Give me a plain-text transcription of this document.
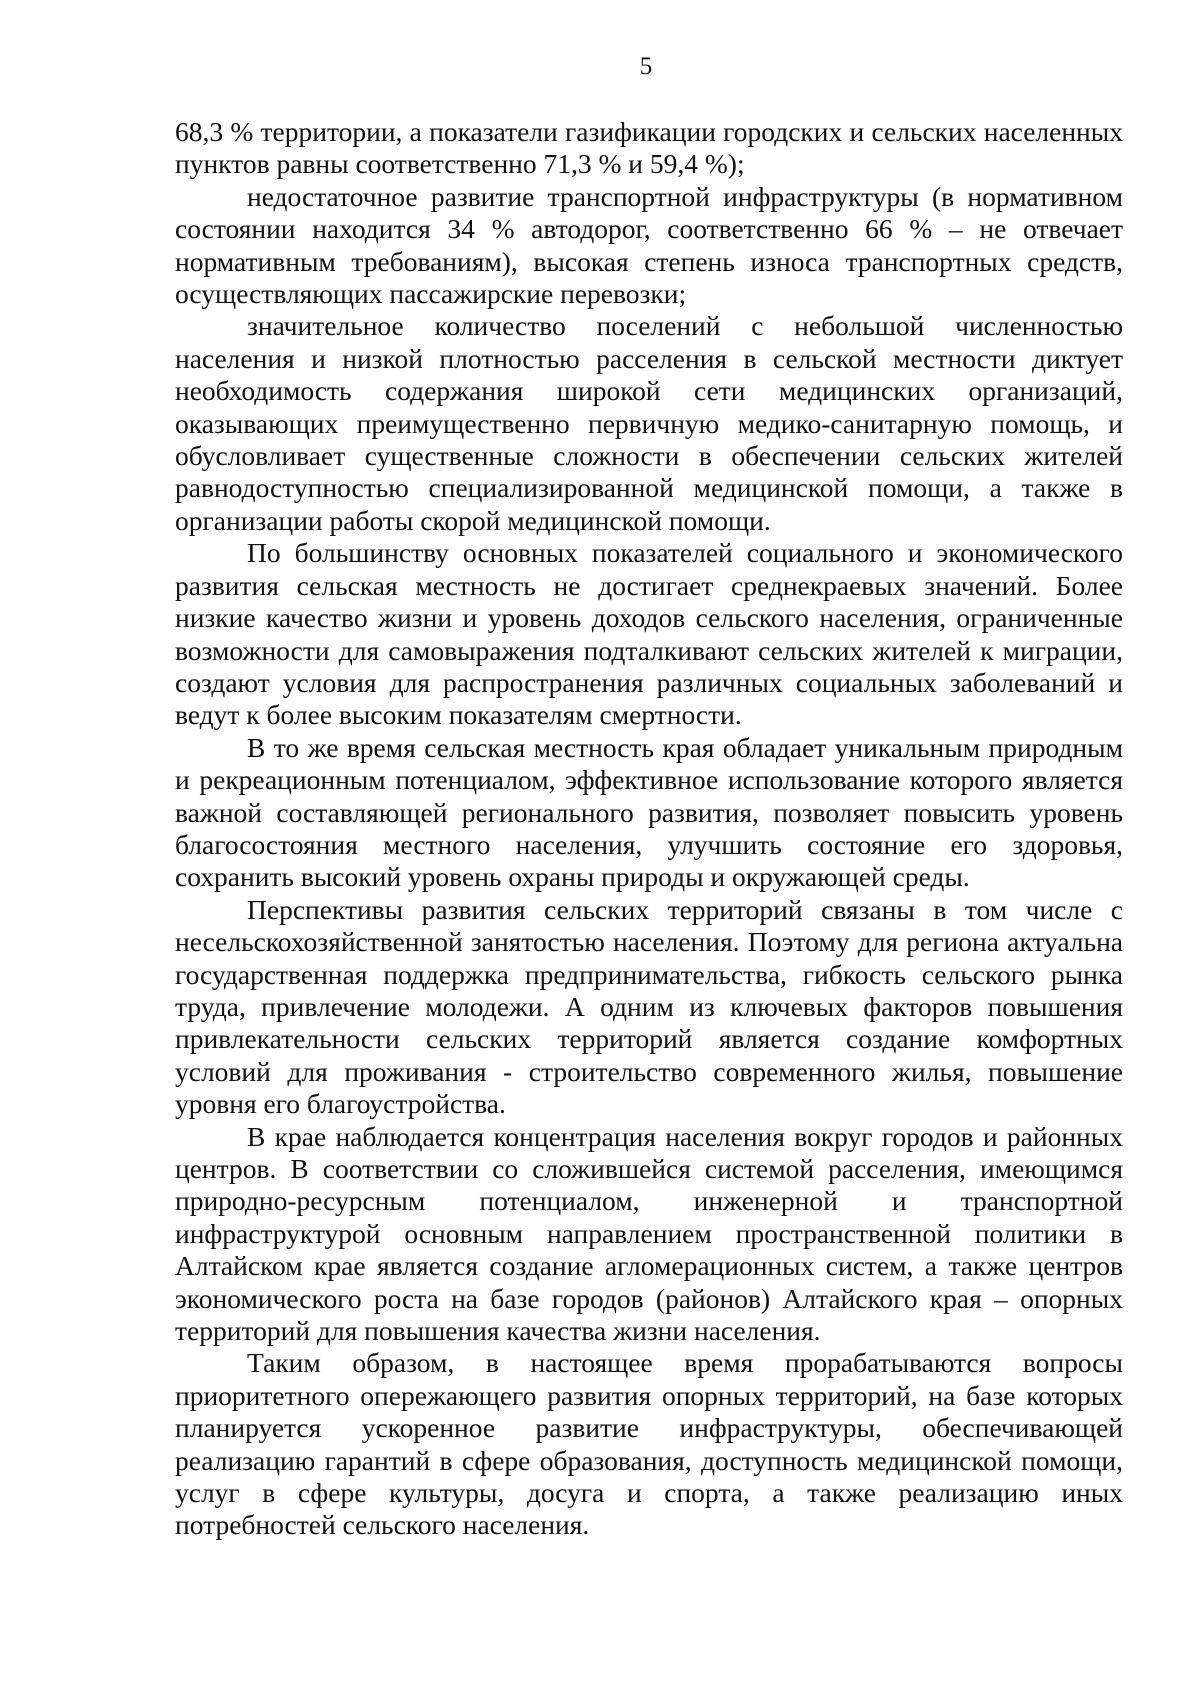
5

68,3 % территории, а показатели газификации городских и сельских населенных пунктов равны соответственно 71,3 % и 59,4 %);

недостаточное развитие транспортной инфраструктуры (в нормативном состоянии находится 34 % автодорог, соответственно 66 % – не отвечает нормативным требованиям), высокая степень износа транспортных средств, осуществляющих пассажирские перевозки;

значительное количество поселений с небольшой численностью населения и низкой плотностью расселения в сельской местности диктует необходимость содержания широкой сети медицинских организаций, оказывающих преимущественно первичную медико-санитарную помощь, и обусловливает существенные сложности в обеспечении сельских жителей равнодоступностью специализированной медицинской помощи, а также в организации работы скорой медицинской помощи.

По большинству основных показателей социального и экономического развития сельская местность не достигает среднекраевых значений. Более низкие качество жизни и уровень доходов сельского населения, ограниченные возможности для самовыражения подталкивают сельских жителей к миграции, создают условия для распространения различных социальных заболеваний и ведут к более высоким показателям смертности.

В то же время сельская местность края обладает уникальным природным и рекреационным потенциалом, эффективное использование которого является важной составляющей регионального развития, позволяет повысить уровень благосостояния местного населения, улучшить состояние его здоровья, сохранить высокий уровень охраны природы и окружающей среды.

Перспективы развития сельских территорий связаны в том числе с несельскохозяйственной занятостью населения. Поэтому для региона актуальна государственная поддержка предпринимательства, гибкость сельского рынка труда, привлечение молодежи. А одним из ключевых факторов повышения привлекательности сельских территорий является создание комфортных условий для проживания - строительство современного жилья, повышение уровня его благоустройства.

В крае наблюдается концентрация населения вокруг городов и районных центров. В соответствии со сложившейся системой расселения, имеющимся природно-ресурсным потенциалом, инженерной и транспортной инфраструктурой основным направлением пространственной политики в Алтайском крае является создание агломерационных систем, а также центров экономического роста на базе городов (районов) Алтайского края – опорных территорий для повышения качества жизни населения.

Таким образом, в настоящее время прорабатываются вопросы приоритетного опережающего развития опорных территорий, на базе которых планируется ускоренное развитие инфраструктуры, обеспечивающей реализацию гарантий в сфере образования, доступность медицинской помощи, услуг в сфере культуры, досуга и спорта, а также реализацию иных потребностей сельского населения.
